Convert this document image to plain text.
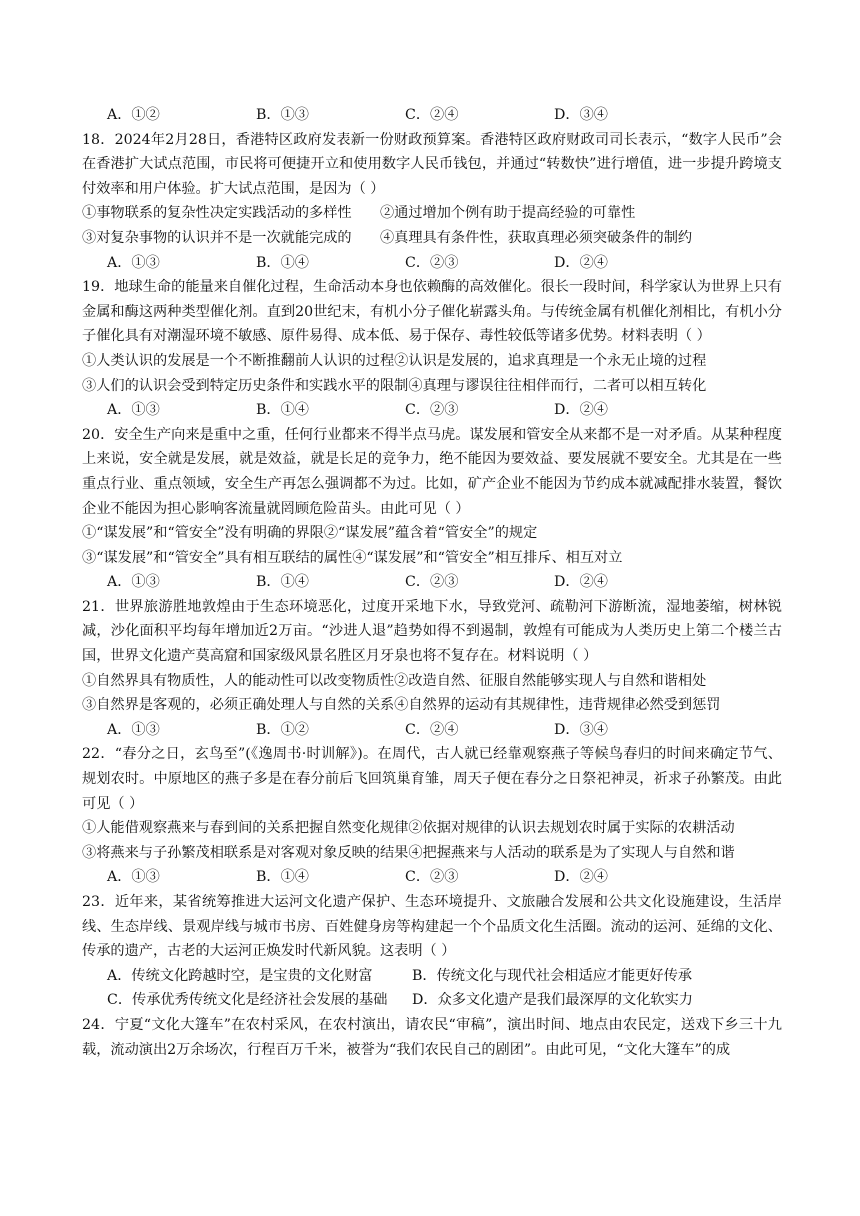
A．①②	B．①③	C．②④	D．③④
18．2024年2月28日，香港特区政府发表新一份财政预算案。香港特区政府财政司司长表示，“数字人民币”会在香港扩大试点范围，市民将可便捷开立和使用数字人民币钱包，并通过“转数快”进行增值，进一步提升跨境支付效率和用户体验。扩大试点范围，是因为（ ）
①事物联系的复杂性决定实践活动的多样性　　②通过增加个例有助于提高经验的可靠性
③对复杂事物的认识并不是一次就能完成的　　④真理具有条件性，获取真理必须突破条件的制约
A．①③	B．①④	C．②③	D．②④
19．地球生命的能量来自催化过程，生命活动本身也依赖酶的高效催化。很长一段时间，科学家认为世界上只有金属和酶这两种类型催化剂。直到20世纪末，有机小分子催化崭露头角。与传统金属有机催化剂相比，有机小分子催化具有对潮湿环境不敏感、原件易得、成本低、易于保存、毒性较低等诸多优势。材料表明（ ）
①人类认识的发展是一个不断推翻前人认识的过程②认识是发展的，追求真理是一个永无止境的过程
③人们的认识会受到特定历史条件和实践水平的限制④真理与谬误往往相伴而行，二者可以相互转化
A．①③	B．①④	C．②③	D．②④
20．安全生产向来是重中之重，任何行业都来不得半点马虎。谋发展和管安全从来都不是一对矛盾。从某种程度上来说，安全就是发展，就是效益，就是长足的竞争力，绝不能因为要效益、要发展就不要安全。尤其是在一些重点行业、重点领域，安全生产再怎么强调都不为过。比如，矿产企业不能因为节约成本就减配排水装置，餐饮企业不能因为担心影响客流量就罔顾危险苗头。由此可见（ ）
①“谋发展”和“管安全”没有明确的界限②“谋发展”蕴含着“管安全”的规定
③“谋发展”和“管安全”具有相互联结的属性④“谋发展”和“管安全”相互排斥、相互对立
A．①③	B．①④	C．②③	D．②④
21．世界旅游胜地敦煌由于生态环境恶化，过度开采地下水，导致党河、疏勒河下游断流，湿地萎缩，树林锐减，沙化面积平均每年增加近2万亩。“沙进人退”趋势如得不到遏制，敦煌有可能成为人类历史上第二个楼兰古国，世界文化遗产莫高窟和国家级风景名胜区月牙泉也将不复存在。材料说明（ ）
①自然界具有物质性，人的能动性可以改变物质性②改造自然、征服自然能够实现人与自然和谐相处
③自然界是客观的，必须正确处理人与自然的关系④自然界的运动有其规律性，违背规律必然受到惩罚
A．①③	B．①②	C．②④	D．③④
22．“春分之日，玄鸟至”(《逸周书·时训解》)。在周代，古人就已经靠观察燕子等候鸟春归的时间来确定节气、规划农时。中原地区的燕子多是在春分前后飞回筑巢育雏，周天子便在春分之日祭祀神灵，祈求子孙繁茂。由此可见（ ）
①人能借观察燕来与春到间的关系把握自然变化规律②依据对规律的认识去规划农时属于实际的农耕活动
③将燕来与子孙繁茂相联系是对客观对象反映的结果④把握燕来与人活动的联系是为了实现人与自然和谐
A．①③	B．①④	C．②③	D．②④
23．近年来，某省统筹推进大运河文化遗产保护、生态环境提升、文旅融合发展和公共文化设施建设，生活岸线、生态岸线、景观岸线与城市书房、百姓健身房等构建起一个个品质文化生活圈。流动的运河、延绵的文化、传承的遗产，古老的大运河正焕发时代新风貌。这表明（ ）
A．传统文化跨越时空，是宝贵的文化财富	B．传统文化与现代社会相适应才能更好传承
C．传承优秀传统文化是经济社会发展的基础	D．众多文化遗产是我们最深厚的文化软实力
24．宁夏“文化大篷车”在农村采风，在农村演出，请农民“审稿”，演出时间、地点由农民定，送戏下乡三十九载，流动演出2万余场次，行程百万千米，被誉为“我们农民自己的剧团”。由此可见，“文化大篷车”的成
